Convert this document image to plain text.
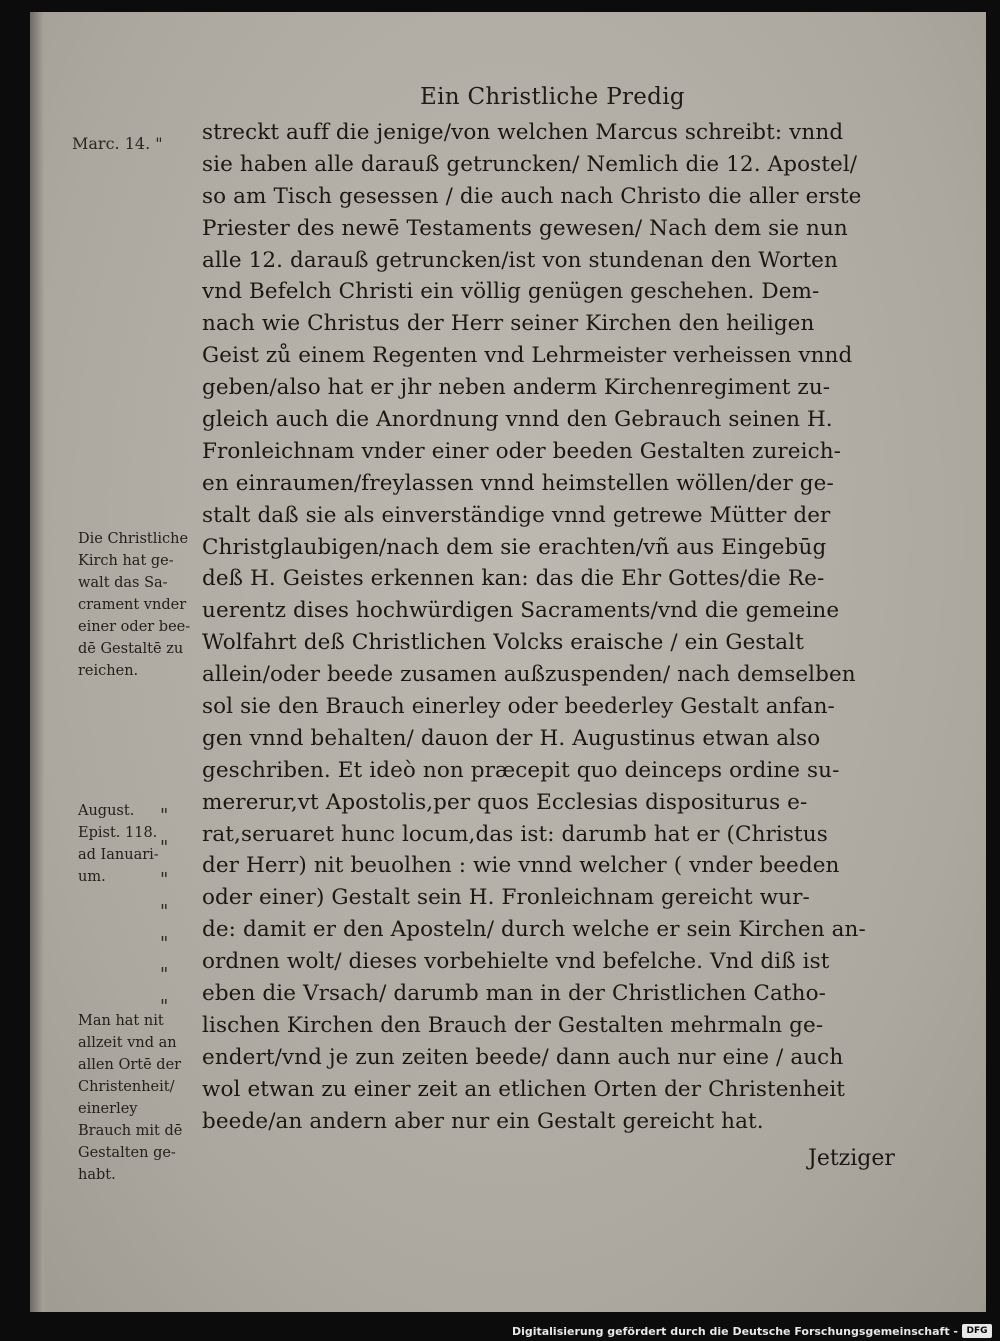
Ein Christliche Predig
Marc. 14. " streckt auff die jenige/von welchen Marcus schreibt: vnnd
sie haben alle darauß getruncken/ Nemlich die 12. Apostel/
so am Tisch gesessen / die auch nach Christo die aller erste
Priester des newē Testaments gewesen/ Nach dem sie nun
alle 12. darauß getruncken/ist von stundenan den Worten
vnd Befelch Christi ein völlig genügen geschehen. Dem-
nach wie Christus der Herr seiner Kirchen den heiligen
Geist zů einem Regenten vnd Lehrmeister verheissen vnnd
geben/also hat er jhr neben anderm Kirchenregiment zu-
gleich auch die Anordnung vnnd den Gebrauch seinen H.
Fronleichnam vnder einer oder beeden Gestalten zureich-
en einraumen/freylassen vnnd heimstellen wöllen/der ge-
stalt daß sie als einverständige vnnd getrewe Mütter der
Christglaubigen/nach dem sie erachten/vñ aus Eingebūg
deß H. Geistes erkennen kan: das die Ehr Gottes/die Re-
uerentz dises hochwürdigen Sacraments/vnd die gemeine
Wolfahrt deß Christlichen Volcks eraische / ein Gestalt
allein/oder beede zusamen außzuspenden/ nach demselben
sol sie den Brauch einerley oder beederley Gestalt anfan-
gen vnnd behalten/ dauon der H. Augustinus etwan also
geschriben. Et ideò non præcepit quo deinceps ordine su-
mererur,vt Apostolis,per quos Ecclesias dispositurus e-
rat,seruaret hunc locum,das ist: darumb hat er (Christus
der Herr) nit beuolhen : wie vnnd welcher ( vnder beeden
oder einer) Gestalt sein H. Fronleichnam gereicht wur-
de: damit er den Aposteln/ durch welche er sein Kirchen an-
ordnen wolt/ dieses vorbehielte vnd befelche. Vnd diß ist
eben die Vrsach/ darumb man in der Christlichen Catho-
lischen Kirchen den Brauch der Gestalten mehrmaln ge-
endert/vnd je zun zeiten beede/ dann auch nur eine / auch
wol etwan zu einer zeit an etlichen Orten der Christenheit
beede/an andern aber nur ein Gestalt gereicht hat.
"
"
"
"
"
"
"
Die Christliche
Kirch hat ge-
walt das Sa-
crament vnder
einer oder bee-
dē Gestaltē zu
reichen.
August.
Epist. 118.
ad Ianuari-
um.
Man hat nit
allzeit vnd an
allen Ortē der
Christenheit/
einerley
Brauch mit dē
Gestalten ge-
habt.
Jetziger
Digitalisierung gefördert durch die Deutsche Forschungsgemeinschaft - DFG
